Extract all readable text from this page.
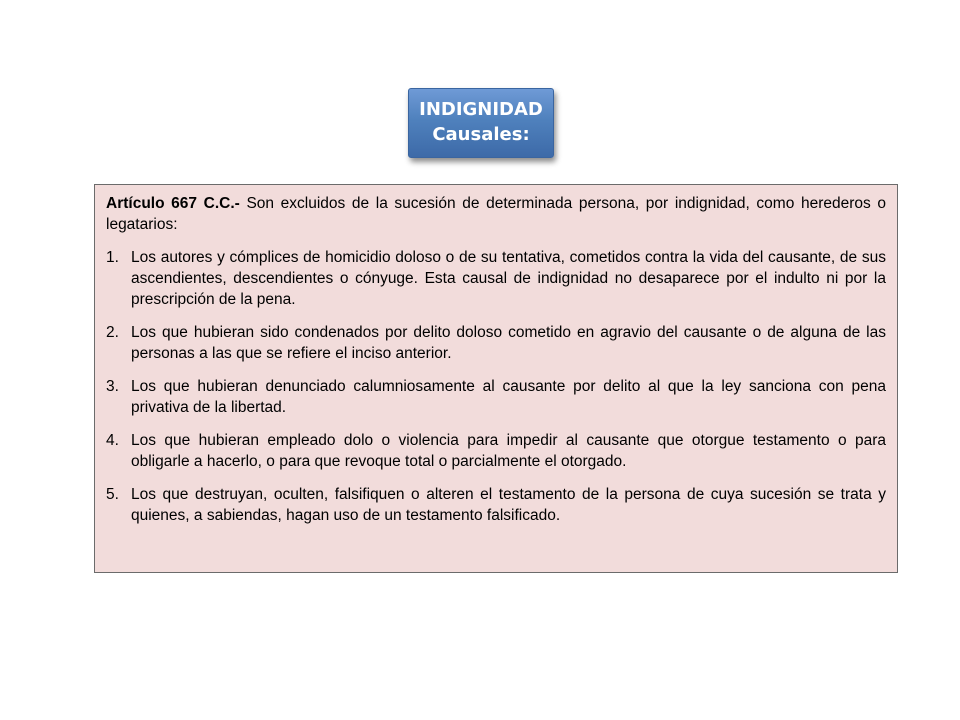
INDIGNIDAD
Causales:

Artículo 667 C.C.- Son excluidos de la sucesión de determinada persona, por indignidad, como herederos o legatarios:

1. Los autores y cómplices de homicidio doloso o de su tentativa, cometidos contra la vida del causante, de sus ascendientes, descendientes o cónyuge. Esta causal de indignidad no desaparece por el indulto ni por la prescripción de la pena.
2. Los que hubieran sido condenados por delito doloso cometido en agravio del causante o de alguna de las personas a las que se refiere el inciso anterior.
3. Los que hubieran denunciado calumniosamente al causante por delito al que la ley sanciona con pena privativa de la libertad.
4. Los que hubieran empleado dolo o violencia para impedir al causante que otorgue testamento o para obligarle a hacerlo, o para que revoque total o parcialmente el otorgado.
5. Los que destruyan, oculten, falsifiquen o alteren el testamento de la persona de cuya sucesión se trata y quienes, a sabiendas, hagan uso de un testamento falsificado.
